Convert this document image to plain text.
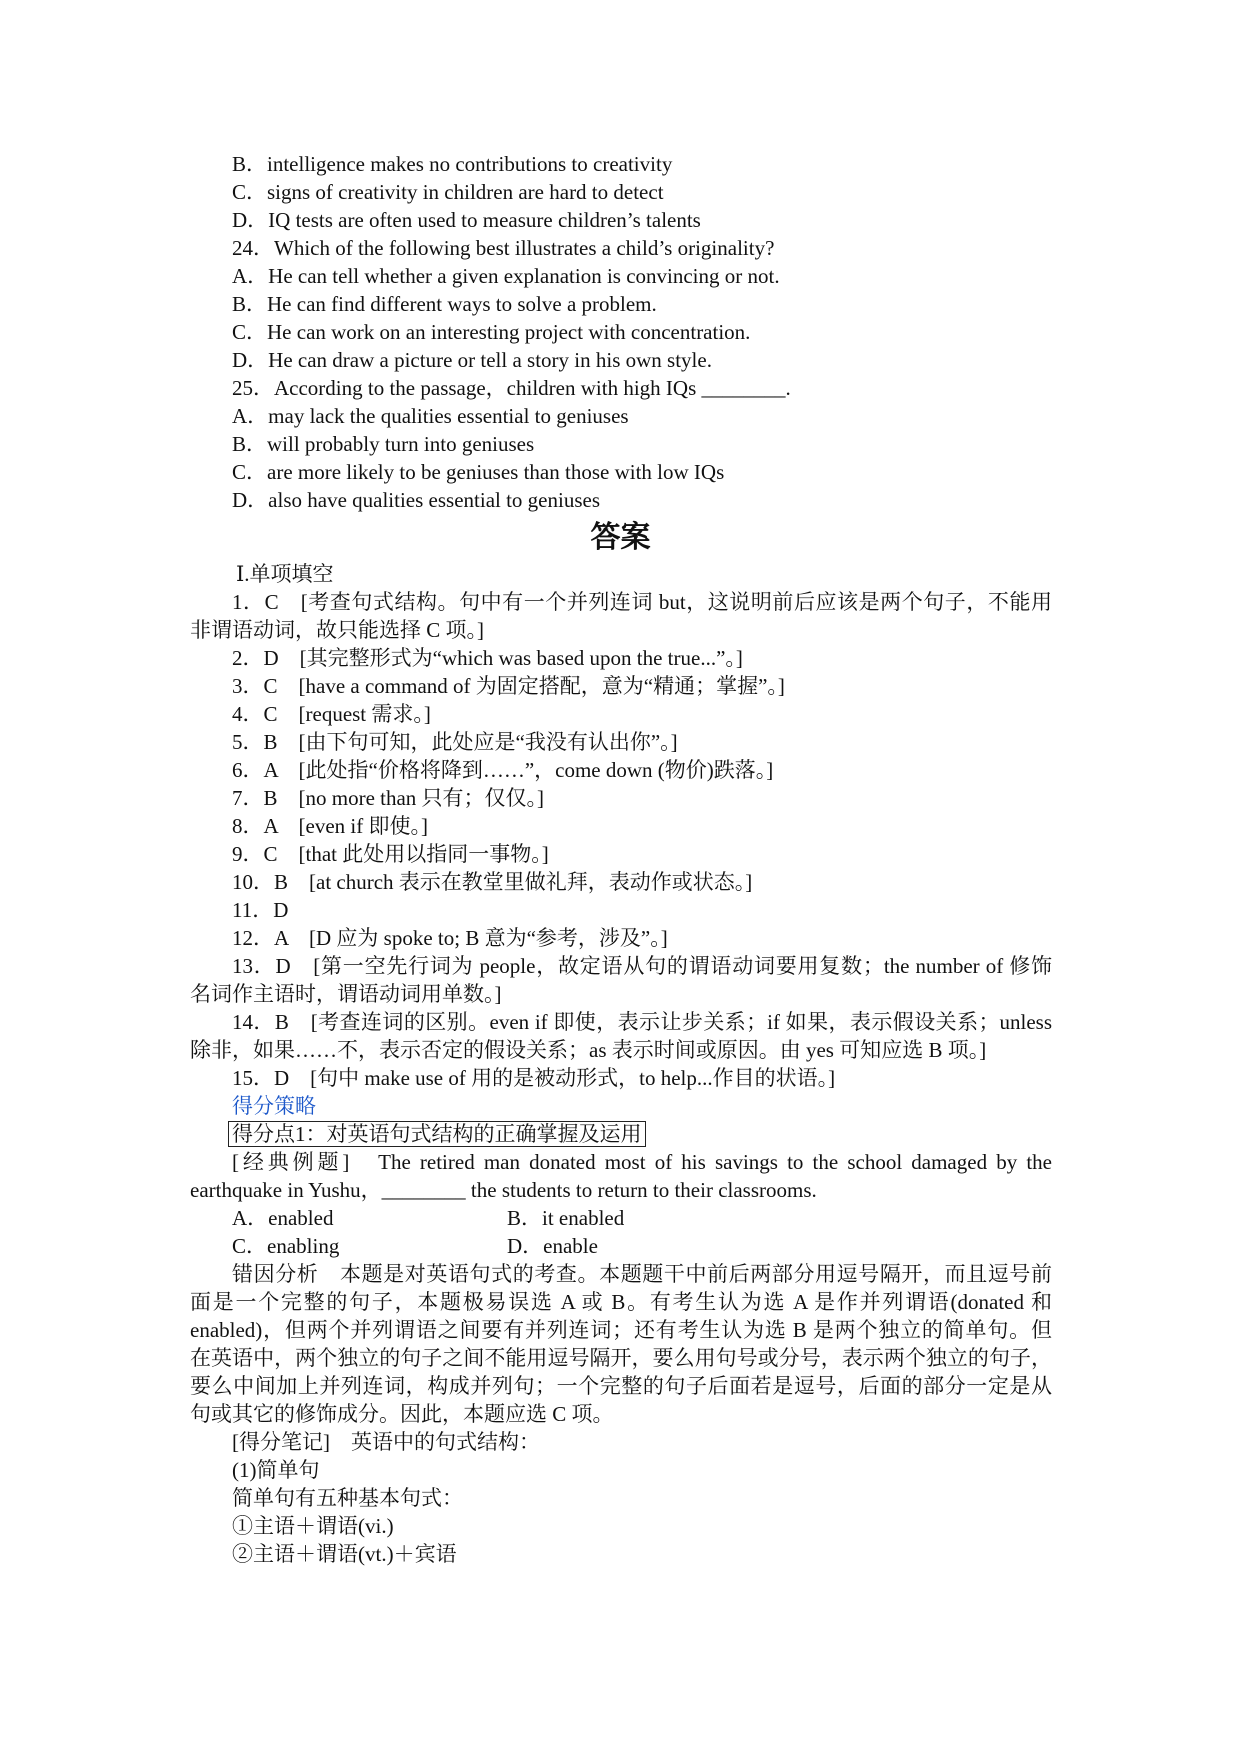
B．intelligence makes no contributions to creativity
C．signs of creativity in children are hard to detect
D．IQ tests are often used to measure children’s talents
24．Which of the following best illustrates a child’s originality?
A．He can tell whether a given explanation is convincing or not.
B．He can find different ways to solve a problem.
C．He can work on an interesting project with concentration.
D．He can draw a picture or tell a story in his own style.
25．According to the passage，children with high IQs ________.
A．may lack the qualities essential to geniuses
B．will probably turn into geniuses
C．are more likely to be geniuses than those with low IQs
D．also have qualities essential to geniuses
答案
Ⅰ.单项填空
1．C　[考查句式结构。句中有一个并列连词 but，这说明前后应该是两个句子，不能用
非谓语动词，故只能选择 C 项。]
2．D　[其完整形式为“which was based upon the true...”。]
3．C　[have a command of 为固定搭配，意为“精通；掌握”。]
4．C　[request 需求。]
5．B　[由下句可知，此处应是“我没有认出你”。]
6．A　[此处指“价格将降到……”，come down (物价)跌落。]
7．B　[no more than 只有；仅仅。]
8．A　[even if 即使。]
9．C　[that 此处用以指同一事物。]
10．B　[at church 表示在教堂里做礼拜，表动作或状态。]
11．D
12．A　[D 应为 spoke to; B 意为“参考，涉及”。]
13．D　[第一空先行词为 people，故定语从句的谓语动词要用复数；the number of 修饰
名词作主语时，谓语动词用单数。]
14．B　[考查连词的区别。even if 即使，表示让步关系；if 如果，表示假设关系；unless
除非，如果……不，表示否定的假设关系；as 表示时间或原因。由 yes 可知应选 B 项。]
15．D　[句中 make use of 用的是被动形式，to help...作目的状语。]
得分策略
得分点1：对英语句式结构的正确掌握及运用
[经典例题]　The retired man donated most of his savings to the school damaged by the
earthquake in Yushu，________ the students to return to their classrooms.
A．enabled	B．it enabled
C．enabling	D．enable
错因分析　本题是对英语句式的考查。本题题干中前后两部分用逗号隔开，而且逗号前
面是一个完整的句子，本题极易误选 A 或 B。有考生认为选 A 是作并列谓语(donated 和
enabled)，但两个并列谓语之间要有并列连词；还有考生认为选 B 是两个独立的简单句。但
在英语中，两个独立的句子之间不能用逗号隔开，要么用句号或分号，表示两个独立的句子，
要么中间加上并列连词，构成并列句；一个完整的句子后面若是逗号，后面的部分一定是从
句或其它的修饰成分。因此，本题应选 C 项。
[得分笔记]　英语中的句式结构：
(1)简单句
简单句有五种基本句式：
①主语＋谓语(vi.)
②主语＋谓语(vt.)＋宾语
